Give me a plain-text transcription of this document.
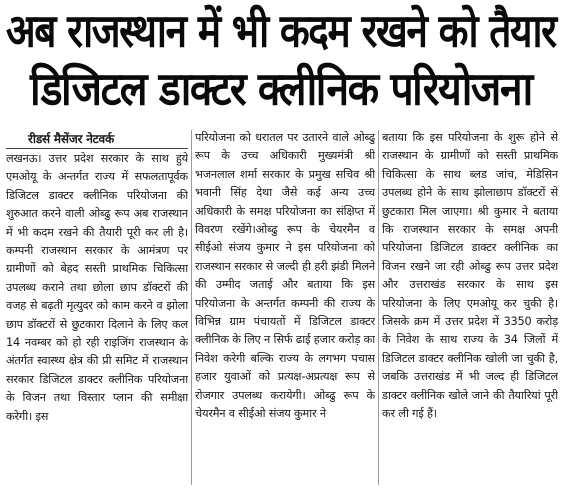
अब राजस्थान में भी कदम रखने को तैयार
डिजिटल डाक्टर क्लीनिक परियोजना
रीडर्स मैसेंजर नेटवर्क
लखनऊ। उत्तर प्रदेश सरकार के साथ हुये एमओयू के अन्तर्गत राज्य में सफलतापूर्वक डिजिटल डाक्टर क्लीनिक परियोजना की शुरुआत करने वाली ओब्ढु रूप अब राजस्थान में भी कदम रखने की तैयारी पूरी कर ली है। कम्पनी राजस्थान सरकार के आमंत्रण पर ग्रामीणों को बेहद सस्ती प्राथमिक चिकित्सा उपलब्ध कराने तथा छोला छाप डॉक्टरों की वजह से बढ़ती मृत्युदर को काम करने व झोला छाप डॉक्टरों से छुटकारा दिलाने के लिए कल 14 नवम्बर को हो रही राइजिंग राजस्थान के अंतर्गत स्वास्थ्य क्षेत्र की प्री समिट में राजस्थान सरकार डिजिटल डाक्टर क्लीनिक परियोजना के विजन तथा विस्तार प्लान की समीक्षा करेगी। इस
परियोजना को धरातल पर उतारने वाले ओब्ढु रूप के उच्च अधिकारी मुख्यमंत्री श्री भजनलाल शर्मा सरकार के प्रमुख सचिव श्री भवानी सिंह देथा जैसे कई अन्य उच्च अधिकारी के समक्ष परियोजना का संक्षिप्त में विवरण रखेंगे।ओब्ढु रूप के चेयरमैन व सीईओ संजय कुमार ने इस परियोजना को राजस्थान सरकार से जल्दी ही हरी झंडी मिलने की उम्मीद जताई और बताया कि इस परियोजना के अन्तर्गत कम्पनी की राज्य के विभिन्न ग्राम पंचायतों में डिजिटल डाक्टर क्लीनिक के लिए न सिर्फ ढाई हजार करोड़ का निवेश करेगी बल्कि राज्य के लगभग पचास हजार युवाओं को प्रत्यक्ष-अप्रत्यक्ष रूप से रोजगार उपलब्ध करायेगी। ओब्ढु रूप के चेयरमैन व सीईओ संजय कुमार ने
बताया कि इस परियोजना के शुरू होने से राजस्थान के ग्रामीणों को सस्ती प्राथमिक चिकित्सा के साथ ब्लड जांच, मेडिसिन उपलब्ध होने के साथ झोलाछाप डॉक्टरों से छुटकारा मिल जाएगा। श्री कुमार ने बताया कि राजस्थान सरकार के समक्ष अपनी परियोजना डिजिटल डाक्टर क्लीनिक का विजन रखने जा रही ओब्ढु रूप उत्तर प्रदेश और उत्तराखंड सरकार के साथ इस परियोजना के लिए एमओयू कर चुकी है। जिसके क्रम में उत्तर प्रदेश में 3350 करोड़ के निवेश के साथ राज्य के 34 जिलों में डिजिटल डाक्टर क्लीनिक खोली जा चुकी है, जबकि उत्तराखंड में भी जल्द ही डिजिटल डाक्टर क्लीनिक खोले जाने की तैयारियां पूरी कर ली गई हैं।
